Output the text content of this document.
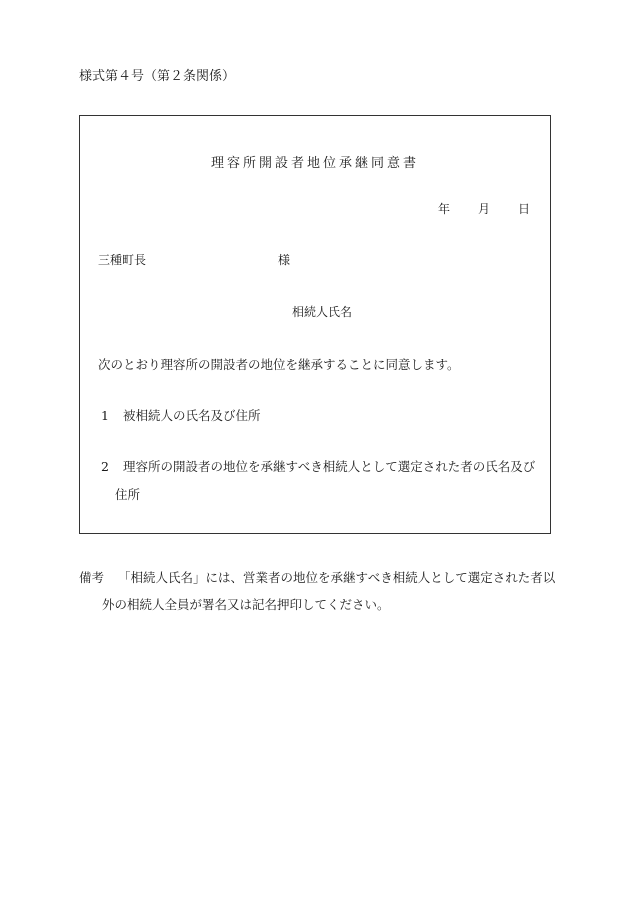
様式第４号（第２条関係）
理容所開設者地位承継同意書
年 月 日
三種町長	様
相続人氏名
次のとおり理容所の開設者の地位を継承することに同意します。
1 被相続人の氏名及び住所
2 理容所の開設者の地位を承継すべき相続人として選定された者の氏名及び
住所
備考 「相続人氏名」には、営業者の地位を承継すべき相続人として選定された者以
外の相続人全員が署名又は記名押印してください。
